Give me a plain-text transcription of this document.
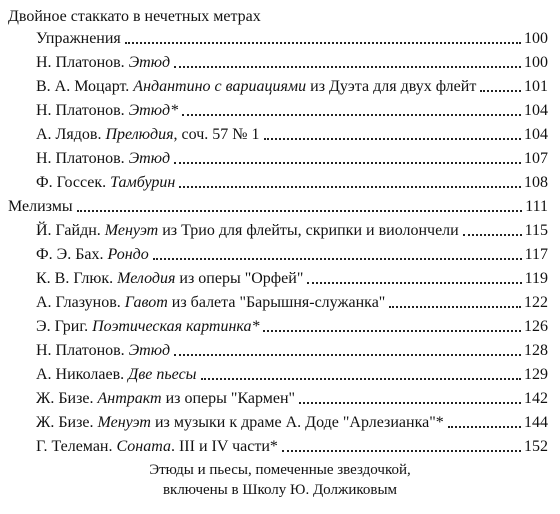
Двойное стаккато в нечетных метрах
Упражнения	100
Н. Платонов. Этюд	100
В. А. Моцарт. Андантино с вариациями из Дуэта для двух флейт	101
Н. Платонов. Этюд*	104
А. Лядов. Прелюдия, соч. 57 № 1	104
Н. Платонов. Этюд	107
Ф. Госсек. Тамбурин	108
Мелизмы	111
Й. Гайдн. Менуэт из Трио для флейты, скрипки и виолончели	115
Ф. Э. Бах. Рондо	117
К. В. Глюк. Мелодия из оперы "Орфей"	119
А. Глазунов. Гавот из балета "Барышня-служанка"	122
Э. Григ. Поэтическая картинка*	126
Н. Платонов. Этюд	128
А. Николаев. Две пьесы	129
Ж. Бизе. Антракт из оперы "Кармен"	142
Ж. Бизе. Менуэт из музыки к драме А. Доде "Арлезианка"*	144
Г. Телеман. Соната. III и IV части*	152
Этюды и пьесы, помеченные звездочкой,
включены в Школу Ю. Должиковым
